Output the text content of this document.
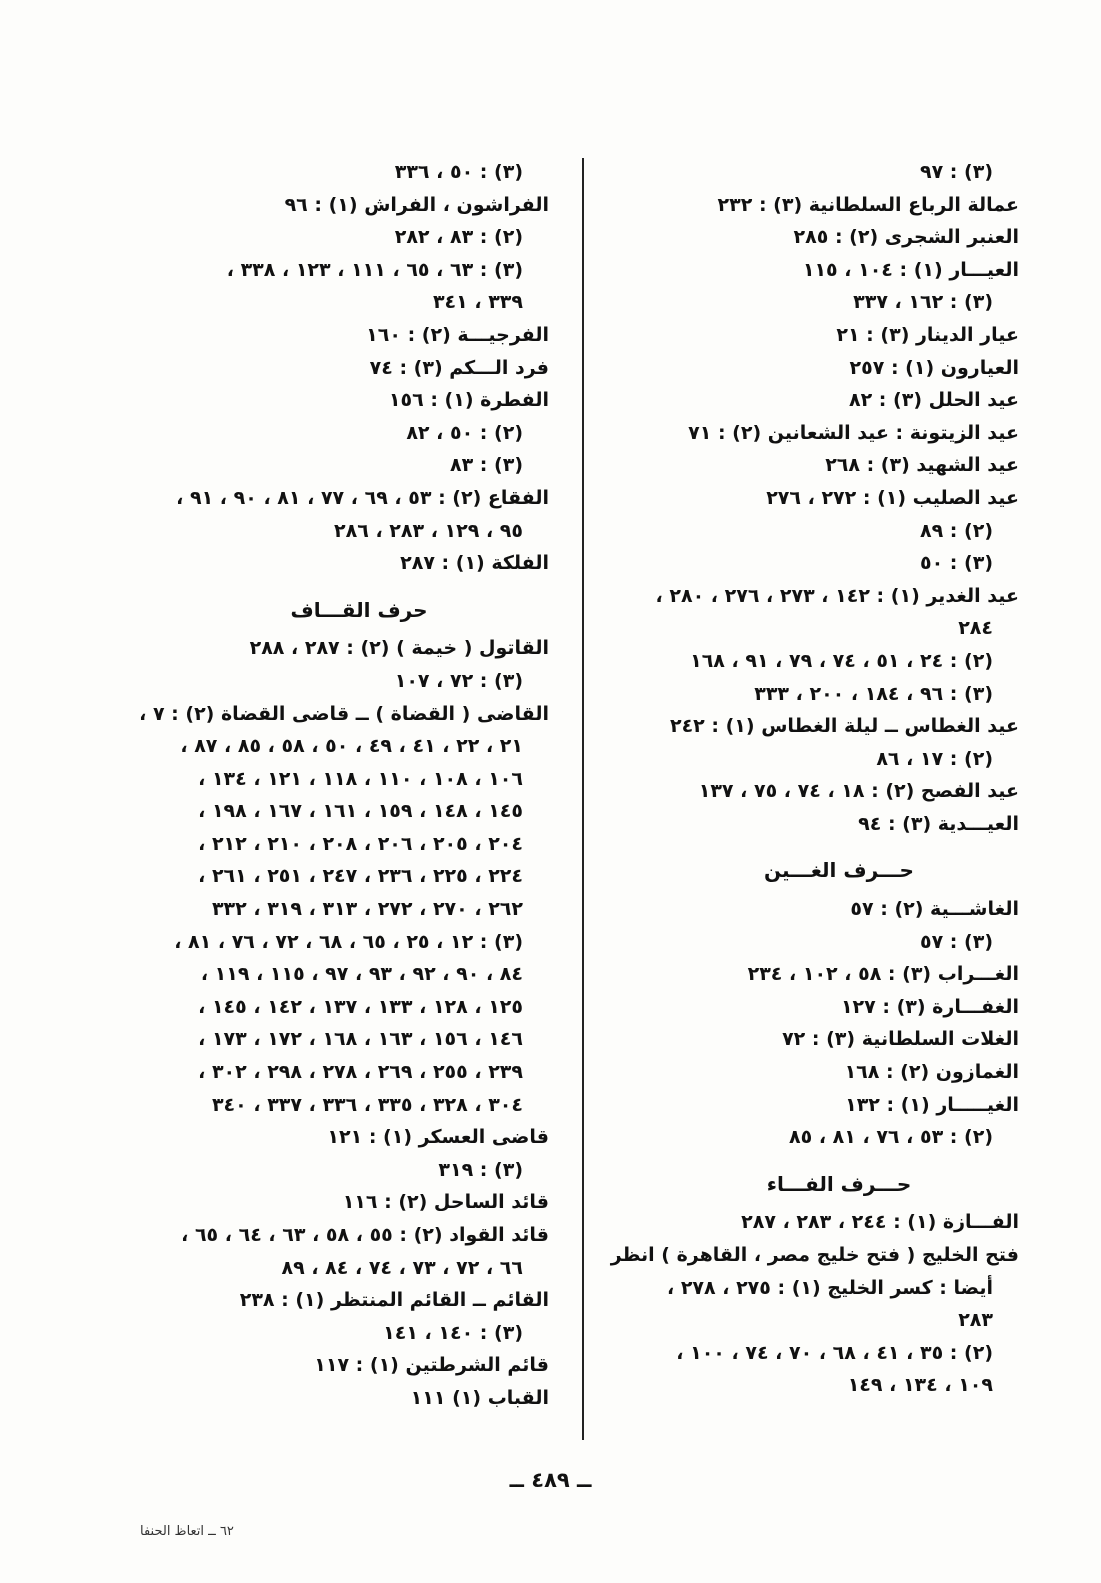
(٣) : ٩٧
عمالة الرباع السلطانية (٣) : ٢٣٢
العنبر الشجرى (٢) : ٢٨٥
العيـــار (١) : ١٠٤ ، ١١٥
(٣) : ١٦٢ ، ٣٣٧
عيار الدينار (٣) : ٢١
العيارون (١) : ٢٥٧
عيد الحلل (٣) : ٨٢
عيد الزيتونة : عيد الشعانين (٢) : ٧١
عيد الشهيد (٣) : ٢٦٨
عيد الصليب (١) : ٢٧٢ ، ٢٧٦
(٢) : ٨٩
(٣) : ٥٠
عيد الغدير (١) : ١٤٢ ، ٢٧٣ ، ٢٧٦ ، ٢٨٠ ،
٢٨٤
(٢) : ٢٤ ، ٥١ ، ٧٤ ، ٧٩ ، ٩١ ، ١٦٨
(٣) : ٩٦ ، ١٨٤ ، ٢٠٠ ، ٣٣٣
عيد الغطاس ــ ليلة الغطاس (١) : ٢٤٢
(٢) : ١٧ ، ٨٦
عيد الفصح (٢) : ١٨ ، ٧٤ ، ٧٥ ، ١٣٧
العيـــدية (٣) : ٩٤
حـــرف الغـــين
الغاشـــية (٢) : ٥٧
(٣) : ٥٧
الغـــراب (٣) : ٥٨ ، ١٠٢ ، ٢٣٤
الغفـــارة (٣) : ١٢٧
الغلات السلطانية (٣) : ٧٢
الغمازون (٢) : ١٦٨
الغيـــــار (١) : ١٣٢
(٢) : ٥٣ ، ٧٦ ، ٨١ ، ٨٥
حـــرف الفـــاء
الفـــازة (١) : ٢٤٤ ، ٢٨٣ ، ٢٨٧
فتح الخليج ( فتح خليج مصر ، القاهرة ) انظر
أيضا : كسر الخليج (١) : ٢٧٥ ، ٢٧٨ ،
٢٨٣
(٢) : ٣٥ ، ٤١ ، ٦٨ ، ٧٠ ، ٧٤ ، ١٠٠ ،
١٠٩ ، ١٣٤ ، ١٤٩
(٣) : ٥٠ ، ٣٣٦
الفراشون ، الفراش (١) : ٩٦
(٢) : ٨٣ ، ٢٨٢
(٣) : ٦٣ ، ٦٥ ، ١١١ ، ١٢٣ ، ٣٣٨ ،
٣٣٩ ، ٣٤١
الفرجيـــة (٢) : ١٦٠
فرد الـــكم (٣) : ٧٤
الفطرة (١) : ١٥٦
(٢) : ٥٠ ، ٨٢
(٣) : ٨٣
الفقاع (٢) : ٥٣ ، ٦٩ ، ٧٧ ، ٨١ ، ٩٠ ، ٩١ ،
٩٥ ، ١٢٩ ، ٢٨٣ ، ٢٨٦
الفلكة (١) : ٢٨٧
حرف القـــاف
القاتول ( خيمة ) (٢) : ٢٨٧ ، ٢٨٨
(٣) : ٧٢ ، ١٠٧
القاضى ( القضاة ) ــ قاضى القضاة (٢) : ٧ ،
٢١ ، ٢٢ ، ٤١ ، ٤٩ ، ٥٠ ، ٥٨ ، ٨٥ ، ٨٧ ،
١٠٦ ، ١٠٨ ، ١١٠ ، ١١٨ ، ١٢١ ، ١٣٤ ،
١٤٥ ، ١٤٨ ، ١٥٩ ، ١٦١ ، ١٦٧ ، ١٩٨ ،
٢٠٤ ، ٢٠٥ ، ٢٠٦ ، ٢٠٨ ، ٢١٠ ، ٢١٢ ،
٢٢٤ ، ٢٢٥ ، ٢٣٦ ، ٢٤٧ ، ٢٥١ ، ٢٦١ ،
٢٦٢ ، ٢٧٠ ، ٢٧٢ ، ٣١٣ ، ٣١٩ ، ٣٣٢
(٣) : ١٢ ، ٢٥ ، ٦٥ ، ٦٨ ، ٧٢ ، ٧٦ ، ٨١ ،
٨٤ ، ٩٠ ، ٩٢ ، ٩٣ ، ٩٧ ، ١١٥ ، ١١٩ ،
١٢٥ ، ١٢٨ ، ١٣٣ ، ١٣٧ ، ١٤٢ ، ١٤٥ ،
١٤٦ ، ١٥٦ ، ١٦٣ ، ١٦٨ ، ١٧٢ ، ١٧٣ ،
٢٣٩ ، ٢٥٥ ، ٢٦٩ ، ٢٧٨ ، ٢٩٨ ، ٣٠٢ ،
٣٠٤ ، ٣٢٨ ، ٣٣٥ ، ٣٣٦ ، ٣٣٧ ، ٣٤٠
قاضى العسكر (١) : ١٢١
(٣) : ٣١٩
قائد الساحل (٢) : ١١٦
قائد القواد (٢) : ٥٥ ، ٥٨ ، ٦٣ ، ٦٤ ، ٦٥ ،
٦٦ ، ٧٢ ، ٧٣ ، ٧٤ ، ٨٤ ، ٨٩
القائم ــ القائم المنتظر (١) : ٢٣٨
(٣) : ١٤٠ ، ١٤١
قائم الشرطتين (١) : ١١٧
القباب (١) ١١١
ــ ٤٨٩ ــ
٦٢ ــ اتعاظ الحنفا
